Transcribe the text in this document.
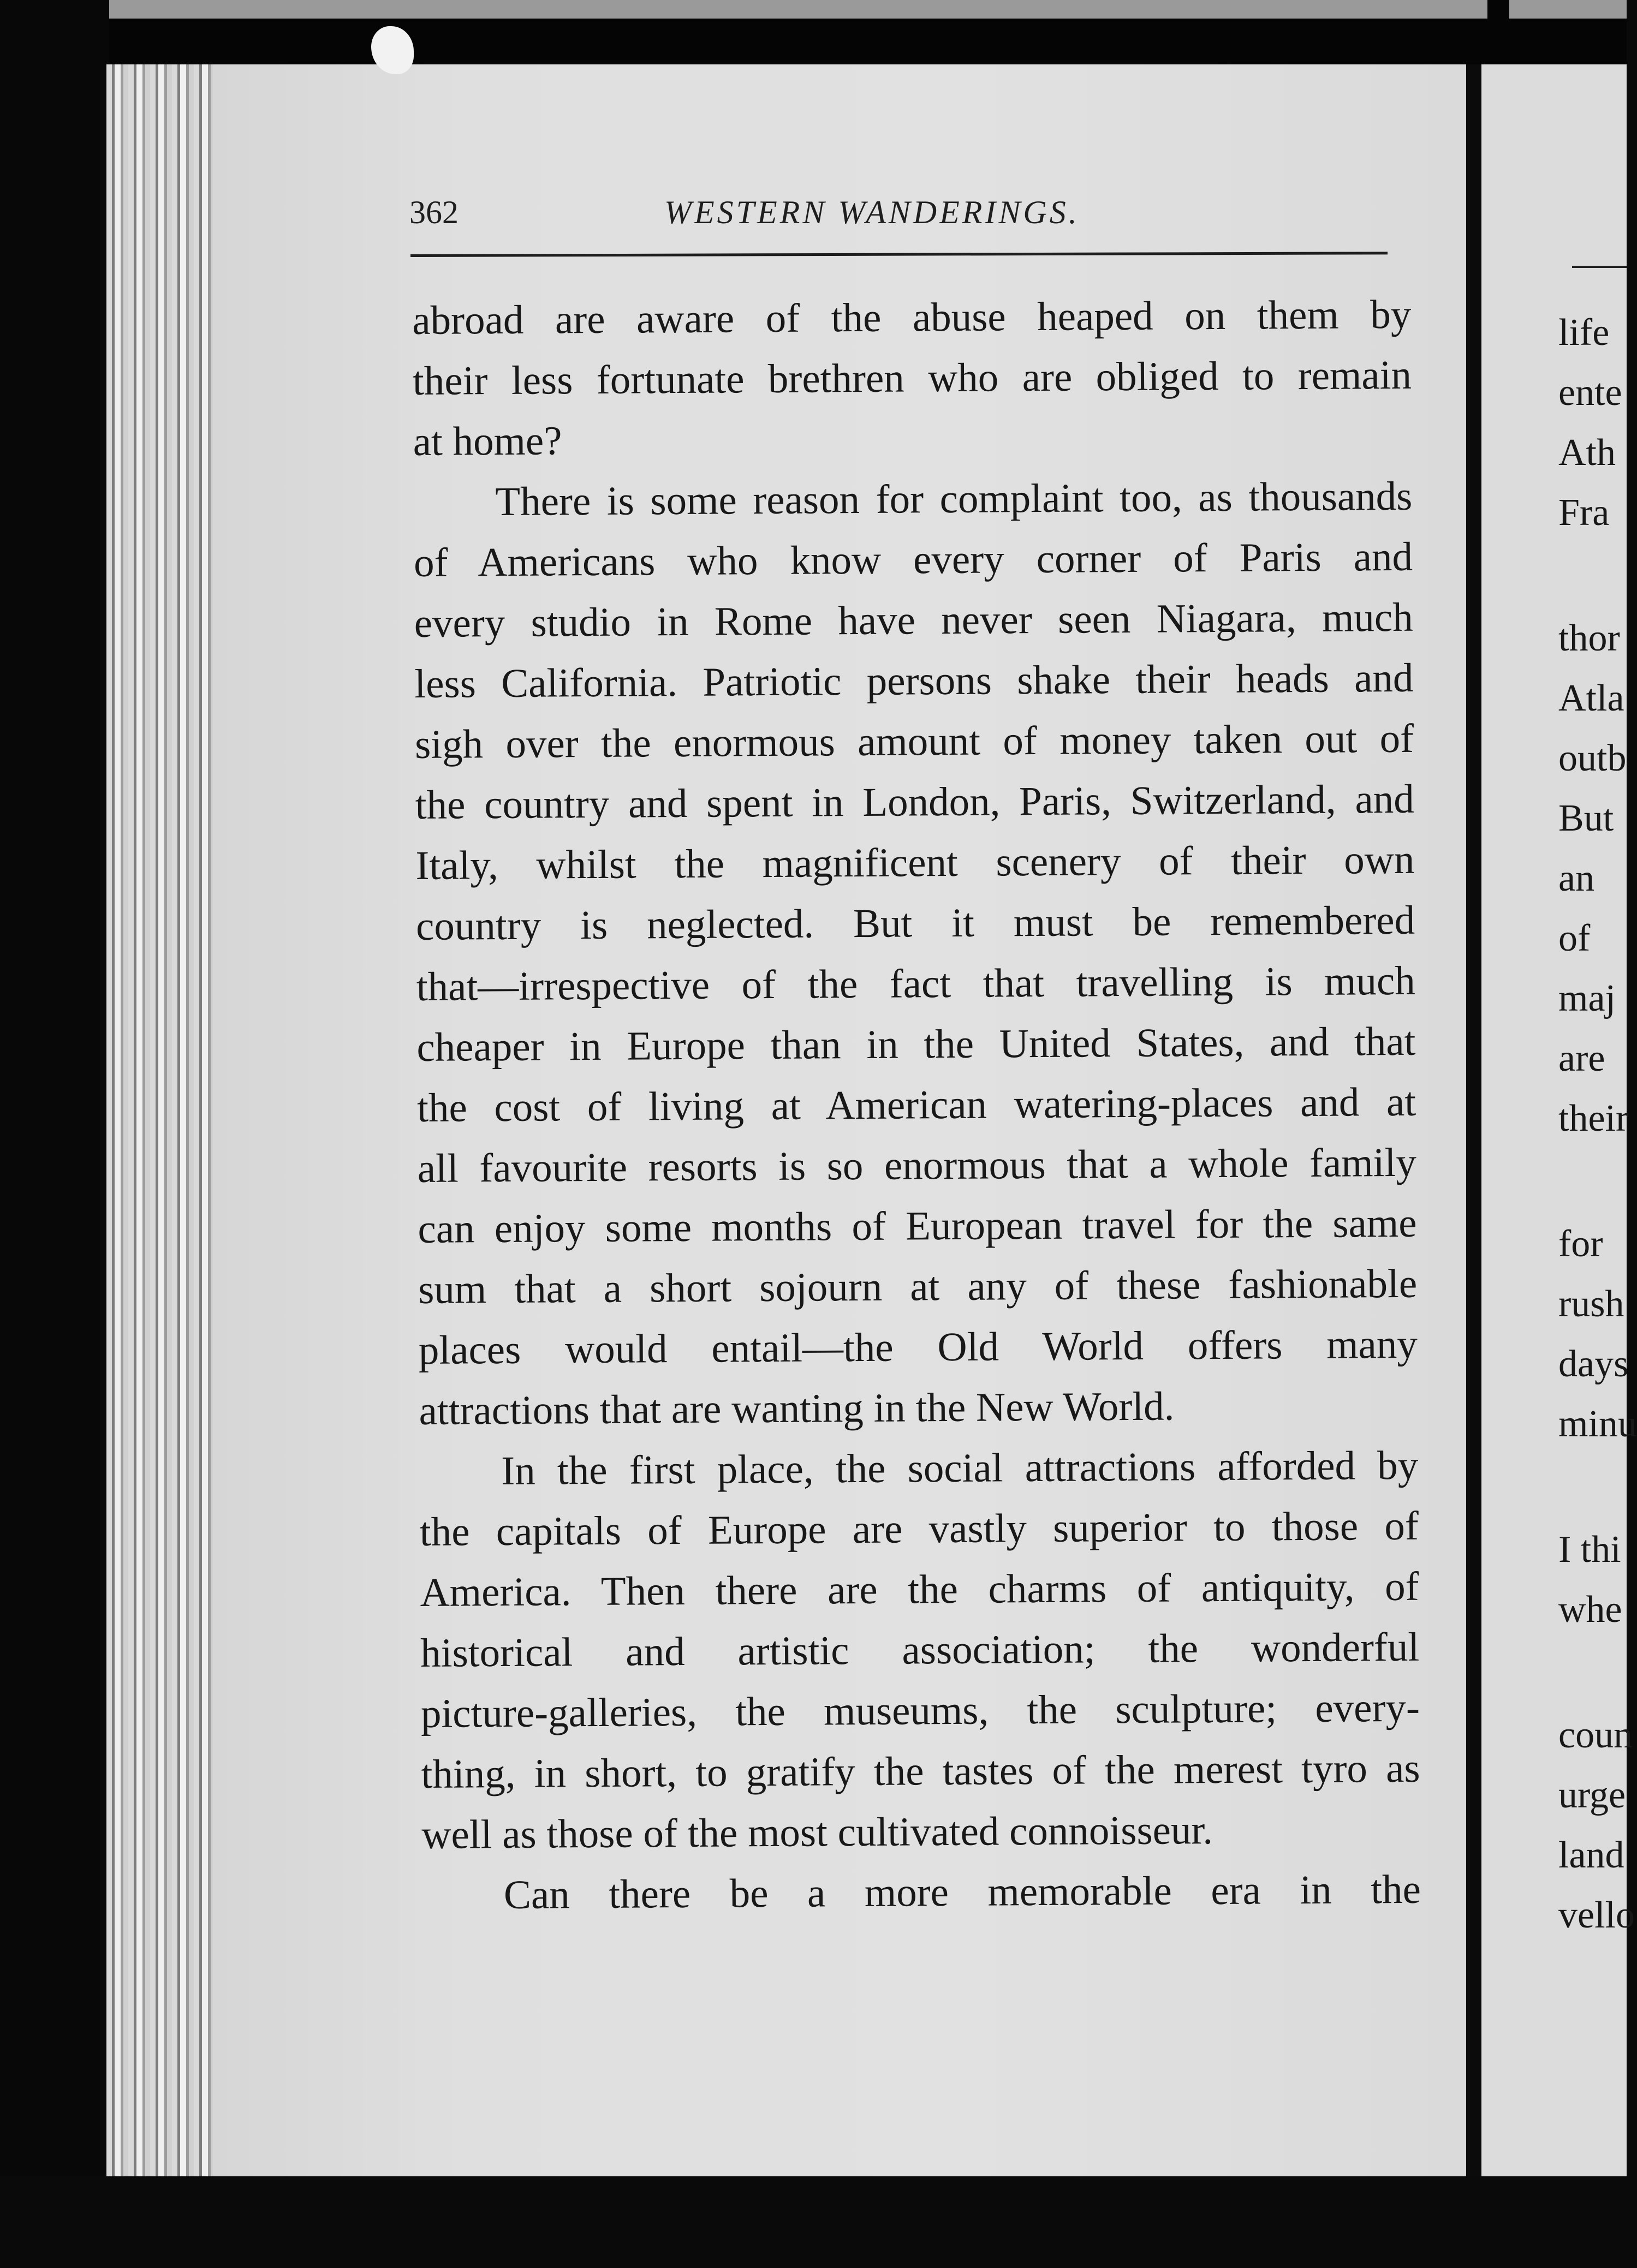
362	WESTERN WANDERINGS.
abroad are aware of the abuse heaped on them by
their less fortunate brethren who are obliged to remain
at home?
There is some reason for complaint too, as thousands
of Americans who know every corner of Paris and
every studio in Rome have never seen Niagara, much
less California. Patriotic persons shake their heads and
sigh over the enormous amount of money taken out of
the country and spent in London, Paris, Switzerland, and
Italy, whilst the magnificent scenery of their own
country is neglected. But it must be remembered
that—irrespective of the fact that travelling is much
cheaper in Europe than in the United States, and that
the cost of living at American watering-places and at
all favourite resorts is so enormous that a whole family
can enjoy some months of European travel for the same
sum that a short sojourn at any of these fashionable
places would entail—the Old World offers many
attractions that are wanting in the New World.
In the first place, the social attractions afforded by
the capitals of Europe are vastly superior to those of
America. Then there are the charms of antiquity, of
historical and artistic association; the wonderful
picture-galleries, the museums, the sculpture; every-
thing, in short, to gratify the tastes of the merest tyro as
well as those of the most cultivated connoisseur.
Can there be a more memorable era in the
life
ente
Ath
Fra
thor
Atla
outb
But
an
of
maj
are
their
for
rush
days
minu
I thi
whe
coun
urge
land
vello
